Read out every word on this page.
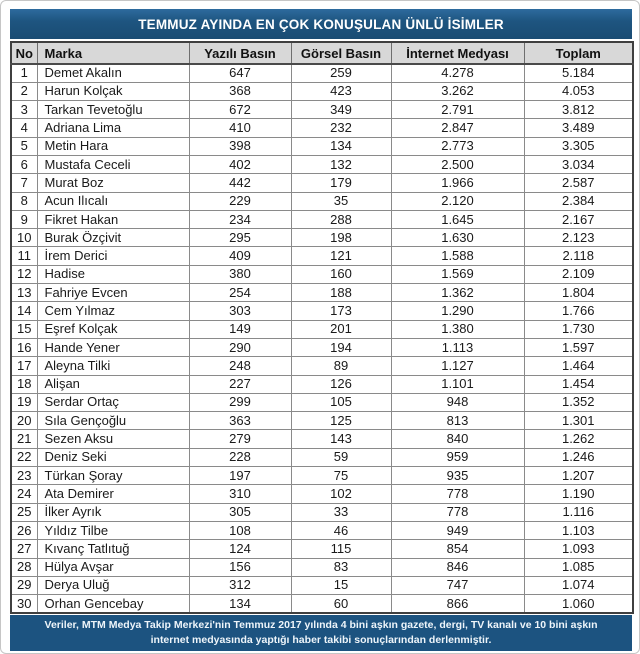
TEMMUZ AYINDA EN ÇOK KONUŞULAN ÜNLÜ İSİMLER
No	Marka	Yazılı Basın	Görsel Basın	İnternet Medyası	Toplam
1	Demet Akalın	647	259	4.278	5.184
2	Harun Kolçak	368	423	3.262	4.053
3	Tarkan Tevetoğlu	672	349	2.791	3.812
4	Adriana Lima	410	232	2.847	3.489
5	Metin Hara	398	134	2.773	3.305
6	Mustafa Ceceli	402	132	2.500	3.034
7	Murat Boz	442	179	1.966	2.587
8	Acun Ilıcalı	229	35	2.120	2.384
9	Fikret Hakan	234	288	1.645	2.167
10	Burak Özçivit	295	198	1.630	2.123
11	İrem Derici	409	121	1.588	2.118
12	Hadise	380	160	1.569	2.109
13	Fahriye Evcen	254	188	1.362	1.804
14	Cem Yılmaz	303	173	1.290	1.766
15	Eşref Kolçak	149	201	1.380	1.730
16	Hande Yener	290	194	1.113	1.597
17	Aleyna Tilki	248	89	1.127	1.464
18	Alişan	227	126	1.101	1.454
19	Serdar Ortaç	299	105	948	1.352
20	Sıla Gençoğlu	363	125	813	1.301
21	Sezen Aksu	279	143	840	1.262
22	Deniz Seki	228	59	959	1.246
23	Türkan Şoray	197	75	935	1.207
24	Ata Demirer	310	102	778	1.190
25	İlker Ayrık	305	33	778	1.116
26	Yıldız Tilbe	108	46	949	1.103
27	Kıvanç Tatlıtuğ	124	115	854	1.093
28	Hülya Avşar	156	83	846	1.085
29	Derya Uluğ	312	15	747	1.074
30	Orhan Gencebay	134	60	866	1.060
Veriler, MTM Medya Takip Merkezi'nin Temmuz 2017 yılında 4 bini aşkın gazete, dergi, TV kanalı ve 10 bini aşkın internet medyasında yaptığı haber takibi sonuçlarından derlenmiştir.
